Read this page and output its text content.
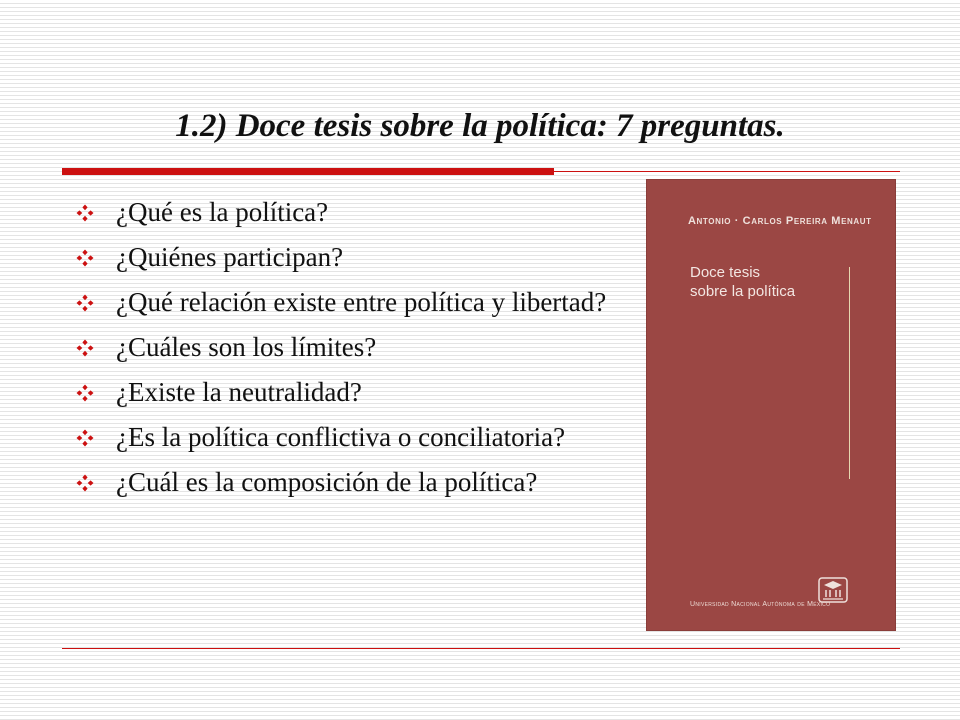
1.2) Doce tesis sobre la política: 7 preguntas.
¿Qué es la política?
¿Quiénes participan?
¿Qué relación existe entre política y libertad?
¿Cuáles son los límites?
¿Existe la neutralidad?
¿Es la política conflictiva o conciliatoria?
¿Cuál es la composición de la política?
Antonio · Carlos Pereira Menaut
Doce tesis
sobre la política
Universidad Nacional Autónoma de México
